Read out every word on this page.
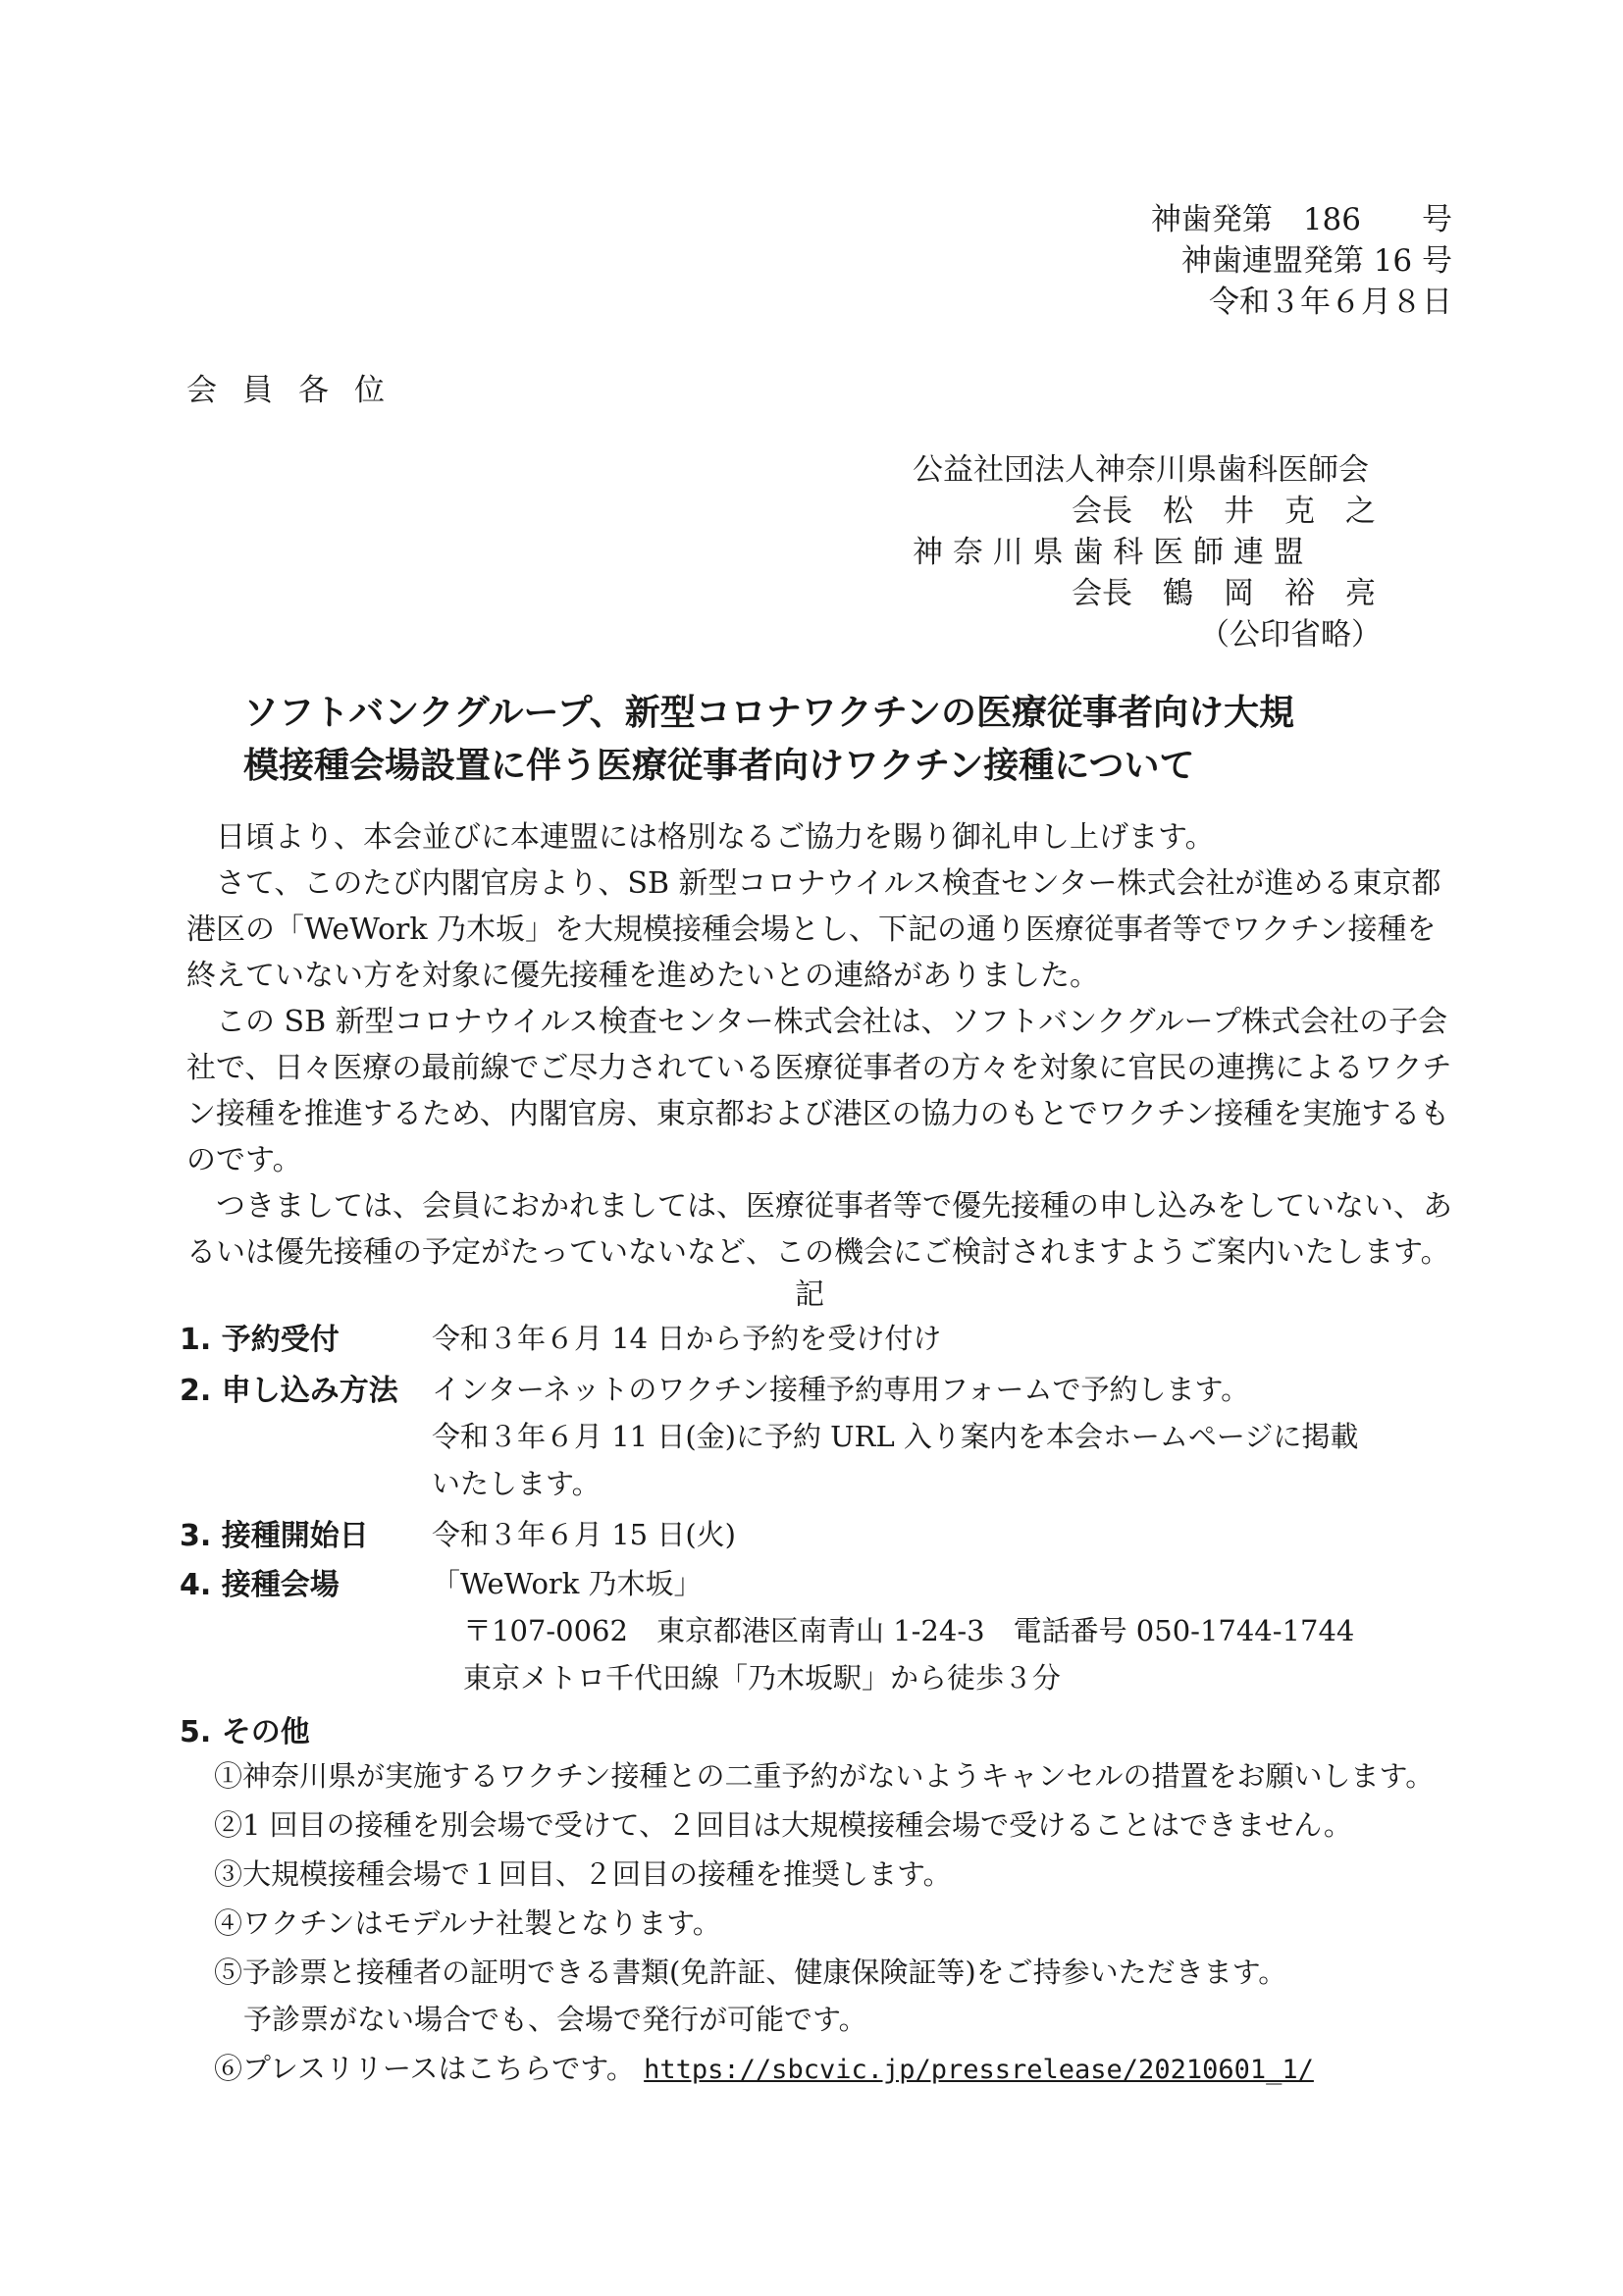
神歯発第　186　　号
神歯連盟発第 16 号
令和３年６月８日
会員各位
公益社団法人神奈川県歯科医師会
会長　松　井　克　之
神 奈 川 県 歯 科 医 師 連 盟
会長　鶴　岡　裕　亮
（公印省略）
ソフトバンクグループ、新型コロナワクチンの医療従事者向け大規
模接種会場設置に伴う医療従事者向けワクチン接種について

日頃より、本会並びに本連盟には格別なるご協力を賜り御礼申し上げます。

さて、このたび内閣官房より、SB 新型コロナウイルス検査センター株式会社が進める東京都港区の「WeWork 乃木坂」を大規模接種会場とし、下記の通り医療従事者等でワクチン接種を終えていない方を対象に優先接種を進めたいとの連絡がありました。

この SB 新型コロナウイルス検査センター株式会社は、ソフトバンクグループ株式会社の子会社で、日々医療の最前線でご尽力されている医療従事者の方々を対象に官民の連携によるワクチン接種を推進するため、内閣官房、東京都および港区の協力のもとでワクチン接種を実施するものです。

つきましては、会員におかれましては、医療従事者等で優先接種の申し込みをしていない、あるいは優先接種の予定がたっていないなど、この機会にご検討されますようご案内いたします。

記
1. 予約受付	令和３年６月 14 日から予約を受け付け
2. 申し込み方法 インターネットのワクチン接種予約専用フォームで予約します。
令和３年６月 11 日(金)に予約 URL 入り案内を本会ホームページに掲載
いたします。
3. 接種開始日 令和３年６月 15 日(火)
4. 接種会場	「WeWork 乃木坂」
〒107-0062　東京都港区南青山 1-24-3　電話番号 050-1744-1744
東京メトロ千代田線「乃木坂駅」から徒歩３分
5. その他
①神奈川県が実施するワクチン接種との二重予約がないようキャンセルの措置をお願いします。
②1 回目の接種を別会場で受けて、２回目は大規模接種会場で受けることはできません。
③大規模接種会場で１回目、２回目の接種を推奨します。
④ワクチンはモデルナ社製となります。
⑤予診票と接種者の証明できる書類(免許証、健康保険証等)をご持参いただきます。
予診票がない場合でも、会場で発行が可能です。
⑥プレスリリースはこちらです。 https://sbcvic.jp/pressrelease/20210601_1/
